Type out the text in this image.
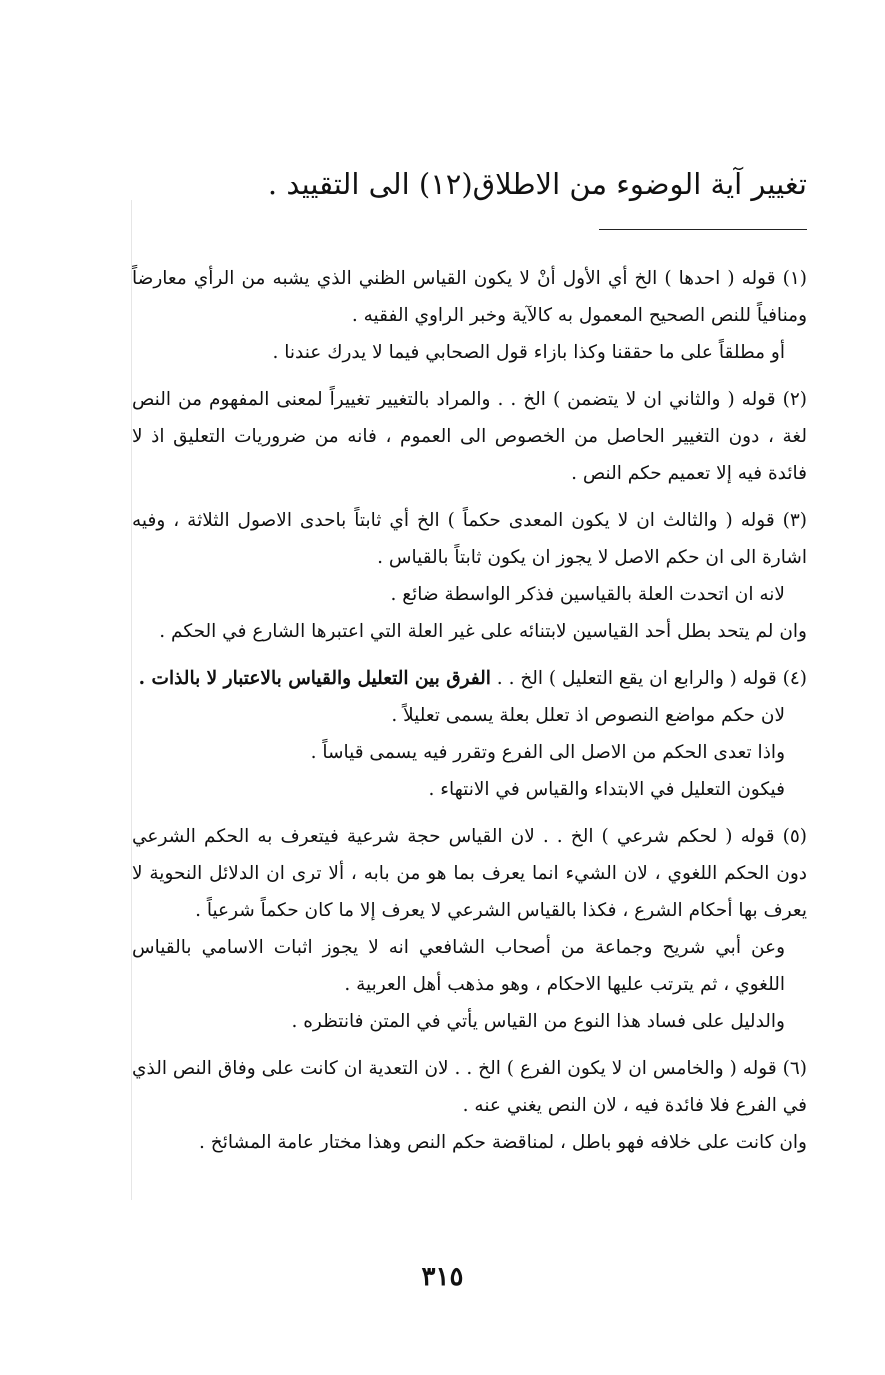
تغيير آية الوضوء من الاطلاق(١٢) الى التقييد .

(١) قوله ( احدها ) الخ أي الأول أنْ لا يكون القياس الظني الذي يشبه من الرأي معارضاً ومنافياً للنص الصحيح المعمول به كالآية وخبر الراوي الفقيه .

أو مطلقاً على ما حققنا وكذا بازاء قول الصحابي فيما لا يدرك عندنا .

(٢) قوله ( والثاني ان لا يتضمن ) الخ . . والمراد بالتغيير تغييراً لمعنى المفهوم من النص لغة ، دون التغيير الحاصل من الخصوص الى العموم ، فانه من ضروريات التعليق اذ لا فائدة فيه إلا تعميم حكم النص .

(٣) قوله ( والثالث ان لا يكون المعدى حكماً ) الخ أي ثابتاً باحدى الاصول الثلاثة ، وفيه اشارة الى ان حكم الاصل لا يجوز ان يكون ثابتاً بالقياس .

لانه ان اتحدت العلة بالقياسين فذكر الواسطة ضائع .

وان لم يتحد بطل أحد القياسين لابتنائه على غير العلة التي اعتبرها الشارع في الحكم .

(٤) قوله ( والرابع ان يقع التعليل ) الخ . . الفرق بين التعليل والقياس بالاعتبار لا بالذات .

لان حكم مواضع النصوص اذ تعلل بعلة يسمى تعليلاً .

واذا تعدى الحكم من الاصل الى الفرع وتقرر فيه يسمى قياساً .

فيكون التعليل في الابتداء والقياس في الانتهاء .

(٥) قوله ( لحكم شرعي ) الخ . . لان القياس حجة شرعية فيتعرف به الحكم الشرعي دون الحكم اللغوي ، لان الشيء انما يعرف بما هو من بابه ، ألا ترى ان الدلائل النحوية لا يعرف بها أحكام الشرع ، فكذا بالقياس الشرعي لا يعرف إلا ما كان حكماً شرعياً .

وعن أبي شريح وجماعة من أصحاب الشافعي انه لا يجوز اثبات الاسامي بالقياس اللغوي ، ثم يترتب عليها الاحكام ، وهو مذهب أهل العربية .

والدليل على فساد هذا النوع من القياس يأتي في المتن فانتظره .

(٦) قوله ( والخامس ان لا يكون الفرع ) الخ . . لان التعدية ان كانت على وفاق النص الذي في الفرع فلا فائدة فيه ، لان النص يغني عنه .

وان كانت على خلافه فهو باطل ، لمناقضة حكم النص وهذا مختار عامة المشائخ .

٣١٥
